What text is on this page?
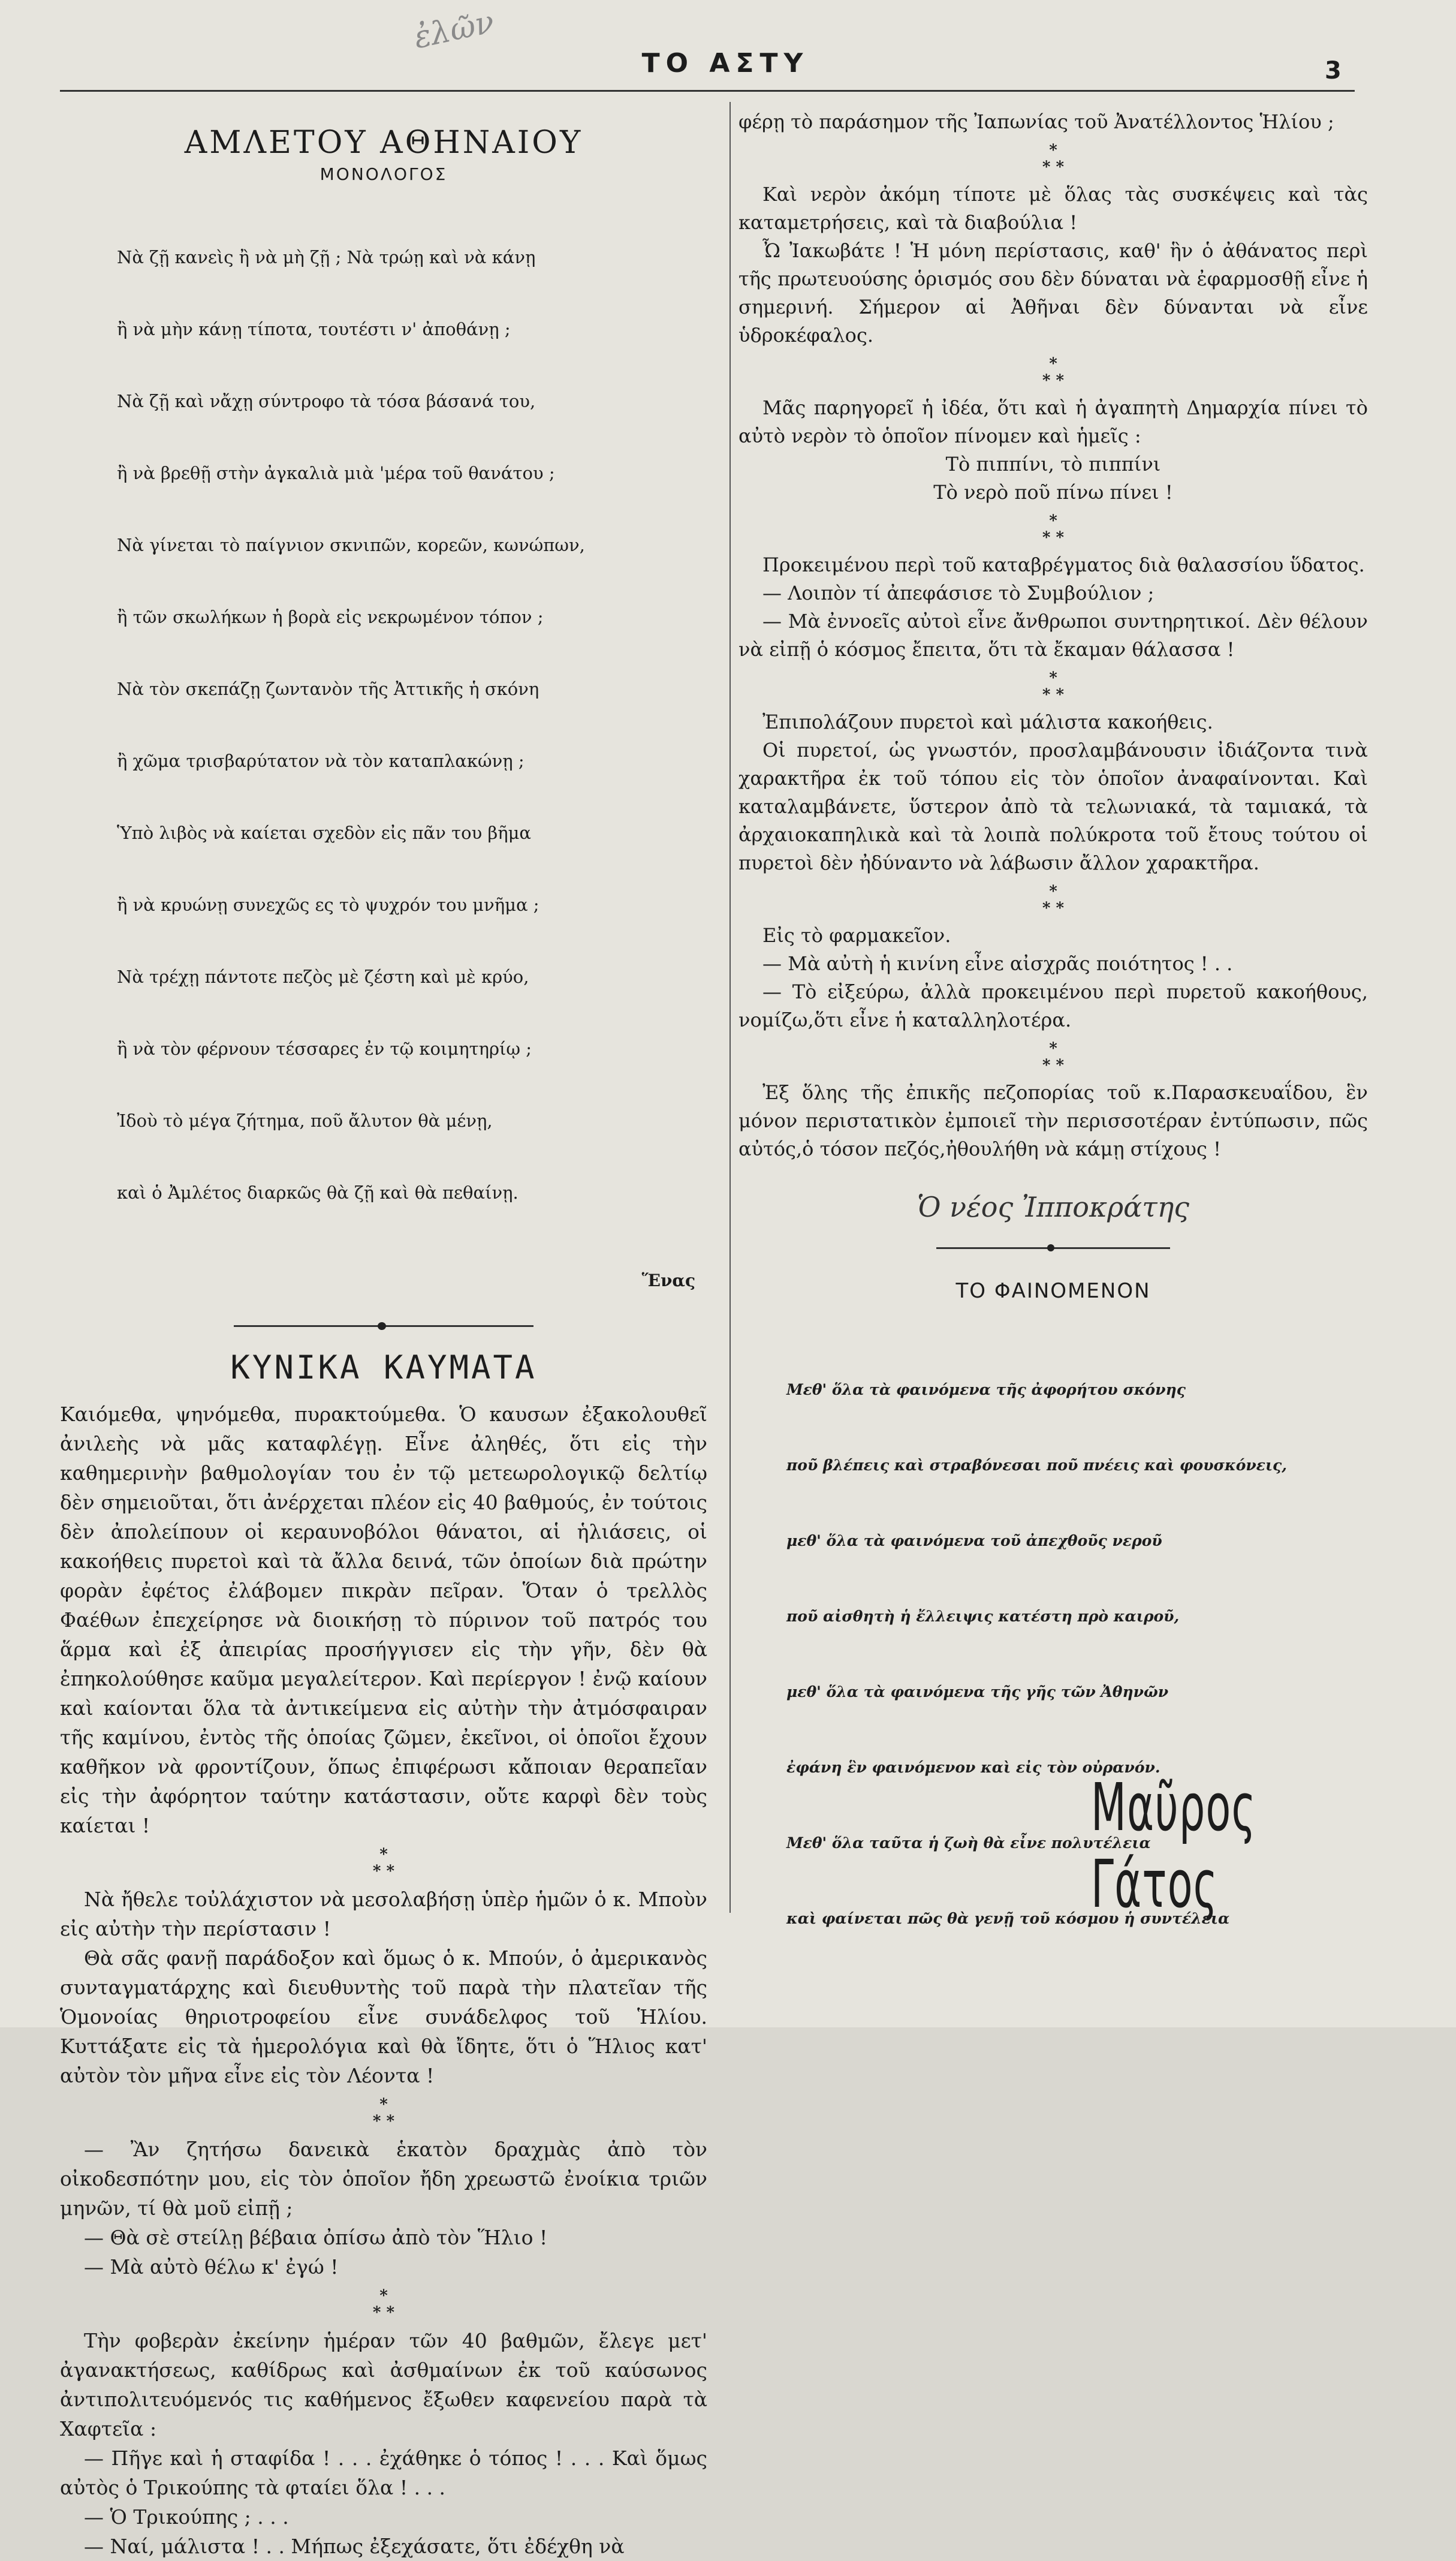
ἐλῶν
ΤΟ ΑΣΤΥ	3
ΑΜΛΕΤΟΥ ΑΘΗΝΑΙΟΥ
ΜΟΝΟΛΟΓΟΣ

Νὰ ζῇ κανεὶς ἢ νὰ μὴ ζῇ ; Νὰ τρώῃ καὶ νὰ κάνῃ

ἢ νὰ μὴν κάνῃ τίποτα, τουτέστι ν' ἀποθάνῃ ;

Νὰ ζῇ καὶ νἄχῃ σύντροφο τὰ τόσα βάσανά του,

ἢ νὰ βρεθῇ στὴν ἀγκαλιὰ μιὰ 'μέρα τοῦ θανάτου ;

Νὰ γίνεται τὸ παίγνιον σκνιπῶν, κορεῶν, κωνώπων,

ἢ τῶν σκωλήκων ἡ βορὰ εἰς νεκρωμένον τόπον ;

Νὰ τὸν σκεπάζῃ ζωντανὸν τῆς Ἀττικῆς ἡ σκόνη

ἢ χῶμα τρισβαρύτατον νὰ τὸν καταπλακώνῃ ;

Ὑπὸ λιβὸς νὰ καίεται σχεδὸν εἰς πᾶν του βῆμα

ἢ νὰ κρυώνῃ συνεχῶς ες τὸ ψυχρόν του μνῆμα ;

Νὰ τρέχῃ πάντοτε πεζὸς μὲ ζέστη καὶ μὲ κρύο,

ἢ νὰ τὸν φέρνουν τέσσαρες ἐν τῷ κοιμητηρίῳ ;

Ἰδοὺ τὸ μέγα ζήτημα, ποῦ ἄλυτον θὰ μένῃ,

καὶ ὁ Ἀμλέτος διαρκῶς θὰ ζῇ καὶ θὰ πεθαίνῃ.

Ἕνας
ΚΥΝΙΚΑ ΚΑΥΜΑΤΑ

Καιόμεθα, ψηνόμεθα, πυρακτούμεθα. Ὁ καυσων ἐξακολουθεῖ ἀνιλεὴς νὰ μᾶς καταφλέγῃ. Εἶνε ἀληθές, ὅτι εἰς τὴν καθημερινὴν βαθμολογίαν του ἐν τῷ μετεωρολογικῷ δελτίῳ δὲν σημειοῦται, ὅτι ἀνέρχεται πλέον εἰς 40 βαθμούς, ἐν τούτοις δὲν ἀπολείπουν οἱ κεραυνοβόλοι θάνατοι, αἱ ἡλιάσεις, οἱ κακοήθεις πυρετοὶ καὶ τὰ ἄλλα δεινά, τῶν ὁποίων διὰ πρώτην φορὰν ἐφέτος ἐλάβομεν πικρὰν πεῖραν. Ὅταν ὁ τρελλὸς Φαέθων ἐπεχείρησε νὰ διοικήσῃ τὸ πύρινον τοῦ πατρός του ἅρμα καὶ ἐξ ἀπειρίας προσήγγισεν εἰς τὴν γῆν, δὲν θὰ ἐπηκολούθησε καῦμα μεγαλείτερον. Καὶ περίεργον ! ἐνῷ καίουν καὶ καίονται ὅλα τὰ ἀντικείμενα εἰς αὐτὴν τὴν ἀτμόσφαιραν τῆς καμίνου, ἐντὸς τῆς ὁποίας ζῶμεν, ἐκεῖνοι, οἱ ὁποῖοι ἔχουν καθῆκον νὰ φροντίζουν, ὅπως ἐπιφέρωσι κἄποιαν θεραπεῖαν εἰς τὴν ἀφόρητον ταύτην κατάστασιν, οὔτε καρφὶ δὲν τοὺς καίεται !

*
* *

Νὰ ἤθελε τοὐλάχιστον νὰ μεσολαβήσῃ ὑπὲρ ἡμῶν ὁ κ. Μποὺν εἰς αὐτὴν τὴν περίστασιν !

Θὰ σᾶς φανῇ παράδοξον καὶ ὅμως ὁ κ. Μπούν, ὁ ἀμερικανὸς συνταγματάρχης καὶ διευθυντὴς τοῦ παρὰ τὴν πλατεῖαν τῆς Ὁμονοίας θηριοτροφείου εἶνε συνάδελφος τοῦ Ἡλίου. Κυττάξατε εἰς τὰ ἡμερολόγια καὶ θὰ ἴδητε, ὅτι ὁ Ἥλιος κατ' αὐτὸν τὸν μῆνα εἶνε εἰς τὸν Λέοντα !

*
* *

— Ἂν ζητήσω δανεικὰ ἑκατὸν δραχμὰς ἀπὸ τὸν οἰκοδεσπότην μου, εἰς τὸν ὁποῖον ἤδη χρεωστῶ ἐνοίκια τριῶν μηνῶν, τί θὰ μοῦ εἰπῇ ;

— Θὰ σὲ στείλῃ βέβαια ὀπίσω ἀπὸ τὸν Ἥλιο !

— Μὰ αὐτὸ θέλω κ' ἐγώ !

*
* *

Τὴν φοβερὰν ἐκείνην ἡμέραν τῶν 40 βαθμῶν, ἔλεγε μετ' ἀγανακτήσεως, καθίδρως καὶ ἀσθμαίνων ἐκ τοῦ καύσωνος ἀντιπολιτευόμενός τις καθήμενος ἔξωθεν καφενείου παρὰ τὰ Χαφτεῖα :

— Πῆγε καὶ ἡ σταφίδα ! . . . ἐχάθηκε ὁ τόπος ! . . . Καὶ ὅμως αὐτὸς ὁ Τρικούπης τὰ φταίει ὅλα ! . . .

— Ὁ Τρικούπης ; . . .

— Ναί, μάλιστα ! . . Μήπως ἐξεχάσατε, ὅτι ἐδέχθη νὰ

φέρῃ τὸ παράσημον τῆς Ἰαπωνίας τοῦ Ἀνατέλλοντος Ἡλίου ;

*
* *

Καὶ νερὸν ἀκόμη τίποτε μὲ ὅλας τὰς συσκέψεις καὶ τὰς καταμετρήσεις, καὶ τὰ διαβούλια !

Ὦ Ἰακωβάτε ! Ἡ μόνη περίστασις, καθ' ἣν ὁ ἀθάνατος περὶ τῆς πρωτευούσης ὁρισμός σου δὲν δύναται νὰ ἐφαρμοσθῇ εἶνε ἡ σημερινή. Σήμερον αἱ Ἀθῆναι δὲν δύνανται νὰ εἶνε ὑδροκέφαλος.

*
* *

Μᾶς παρηγορεῖ ἡ ἰδέα, ὅτι καὶ ἡ ἀγαπητὴ Δημαρχία πίνει τὸ αὐτὸ νερὸν τὸ ὁποῖον πίνομεν καὶ ἡμεῖς :

Τὸ πιππίνι, τὸ πιππίνι
Τὸ νερὸ ποῦ πίνω πίνει !
*
* *

Προκειμένου περὶ τοῦ καταβρέγματος διὰ θαλασσίου ὕδατος.

— Λοιπὸν τί ἀπεφάσισε τὸ Συμβούλιον ;

— Μὰ ἐννοεῖς αὐτοὶ εἶνε ἄνθρωποι συντηρητικοί. Δὲν θέλουν νὰ εἰπῇ ὁ κόσμος ἔπειτα, ὅτι τὰ ἔκαμαν θάλασσα !

*
* *

Ἐπιπολάζουν πυρετοὶ καὶ μάλιστα κακοήθεις.

Οἱ πυρετοί, ὡς γνωστόν, προσλαμβάνουσιν ἰδιάζοντα τινὰ χαρακτῆρα ἐκ τοῦ τόπου εἰς τὸν ὁποῖον ἀναφαίνονται. Καὶ καταλαμβάνετε, ὕστερον ἀπὸ τὰ τελωνιακά, τὰ ταμιακά, τὰ ἀρχαιοκαπηλικὰ καὶ τὰ λοιπὰ πολύκροτα τοῦ ἔτους τούτου οἱ πυρετοὶ δὲν ἠδύναντο νὰ λάβωσιν ἄλλον χαρακτῆρα.

*
* *

Εἰς τὸ φαρμακεῖον.

— Μὰ αὐτὴ ἡ κινίνη εἶνε αἰσχρᾶς ποιότητος ! . .

— Τὸ εἰξεύρω, ἀλλὰ προκειμένου περὶ πυρετοῦ κακοήθους, νομίζω,ὅτι εἶνε ἡ καταλληλοτέρα.

*
* *

Ἐξ ὅλης τῆς ἐπικῆς πεζοπορίας τοῦ κ.Παρασκευαΐδου, ἓν μόνον περιστατικὸν ἐμποιεῖ τὴν περισσοτέραν ἐντύπωσιν, πῶς αὐτός,ὁ τόσον πεζός,ἠθουλήθη νὰ κάμῃ στίχους !

Ὁ νέος Ἰπποκράτης
ΤΟ ΦΑΙΝΟΜΕΝΟΝ

Μεθ' ὅλα τὰ φαινόμενα τῆς ἀφορήτου σκόνης

ποῦ βλέπεις καὶ στραβόνεσαι ποῦ πνέεις καὶ φουσκόνεις,

μεθ' ὅλα τὰ φαινόμενα τοῦ ἀπεχθοῦς νεροῦ

ποῦ αἰσθητὴ ἡ ἔλλειψις κατέστη πρὸ καιροῦ,

μεθ' ὅλα τὰ φαινόμενα τῆς γῆς τῶν Ἀθηνῶν

ἐφάνη ἓν φαινόμενον καὶ εἰς τὸν οὐρανόν.

Μεθ' ὅλα ταῦτα ἡ ζωὴ θὰ εἶνε πολυτέλεια

καὶ φαίνεται πῶς θὰ γενῇ τοῦ κόσμου ἡ συντέλεια

Μαῦρος Γάτος
